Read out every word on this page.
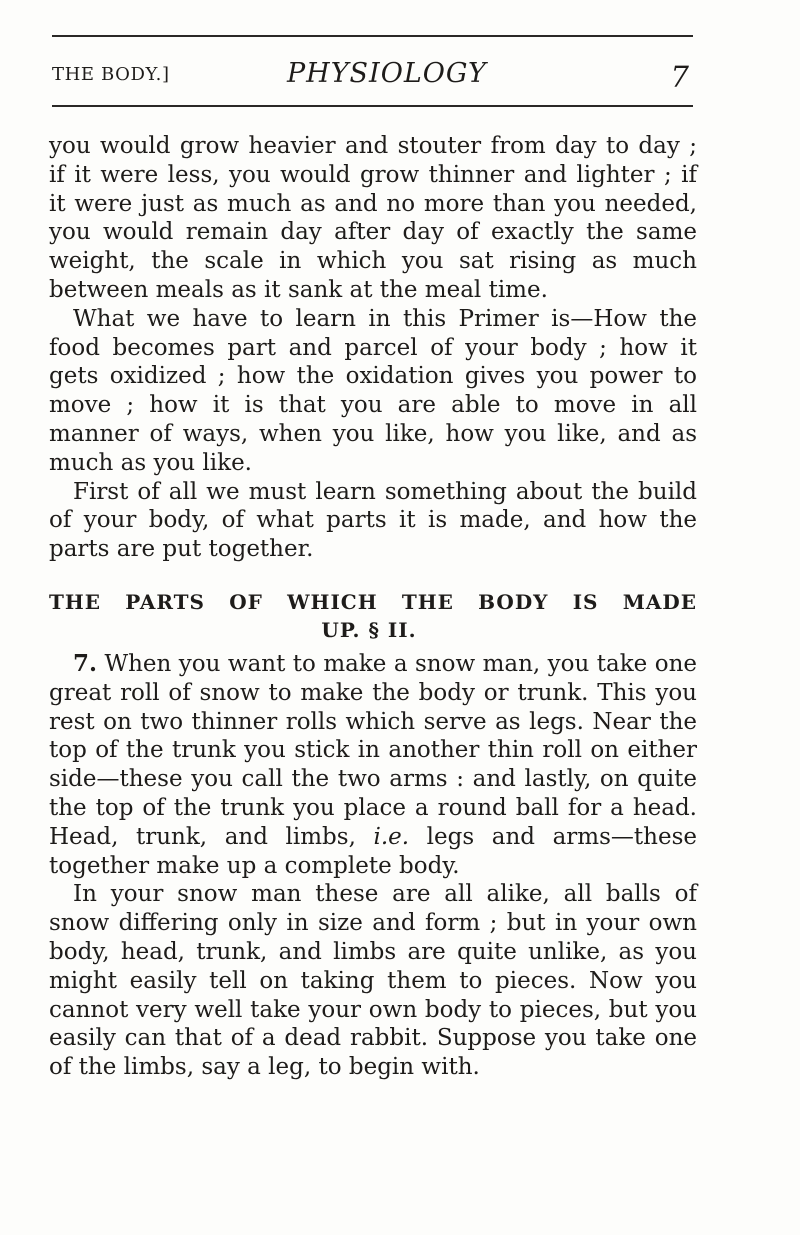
THE BODY.]	PHYSIOLOGY	7

you would grow heavier and stouter from day to day ; if it were less, you would grow thinner and lighter ; if it were just as much as and no more than you needed, you would remain day after day of exactly the same weight, the scale in which you sat rising as much between meals as it sank at the meal time.

What we have to learn in this Primer is—How the food becomes part and parcel of your body ; how it gets oxidized ; how the oxidation gives you power to move ; how it is that you are able to move in all manner of ways, when you like, how you like, and as much as you like.

First of all we must learn something about the build of your body, of what parts it is made, and how the parts are put together.

THE PARTS OF WHICH THE BODY IS MADE
UP. § II.

7. When you want to make a snow man, you take one great roll of snow to make the body or trunk. This you rest on two thinner rolls which serve as legs. Near the top of the trunk you stick in another thin roll on either side—these you call the two arms : and lastly, on quite the top of the trunk you place a round ball for a head. Head, trunk, and limbs, i.e. legs and arms—these together make up a complete body.

In your snow man these are all alike, all balls of snow differing only in size and form ; but in your own body, head, trunk, and limbs are quite unlike, as you might easily tell on taking them to pieces. Now you cannot very well take your own body to pieces, but you easily can that of a dead rabbit. Suppose you take one of the limbs, say a leg, to begin with.
